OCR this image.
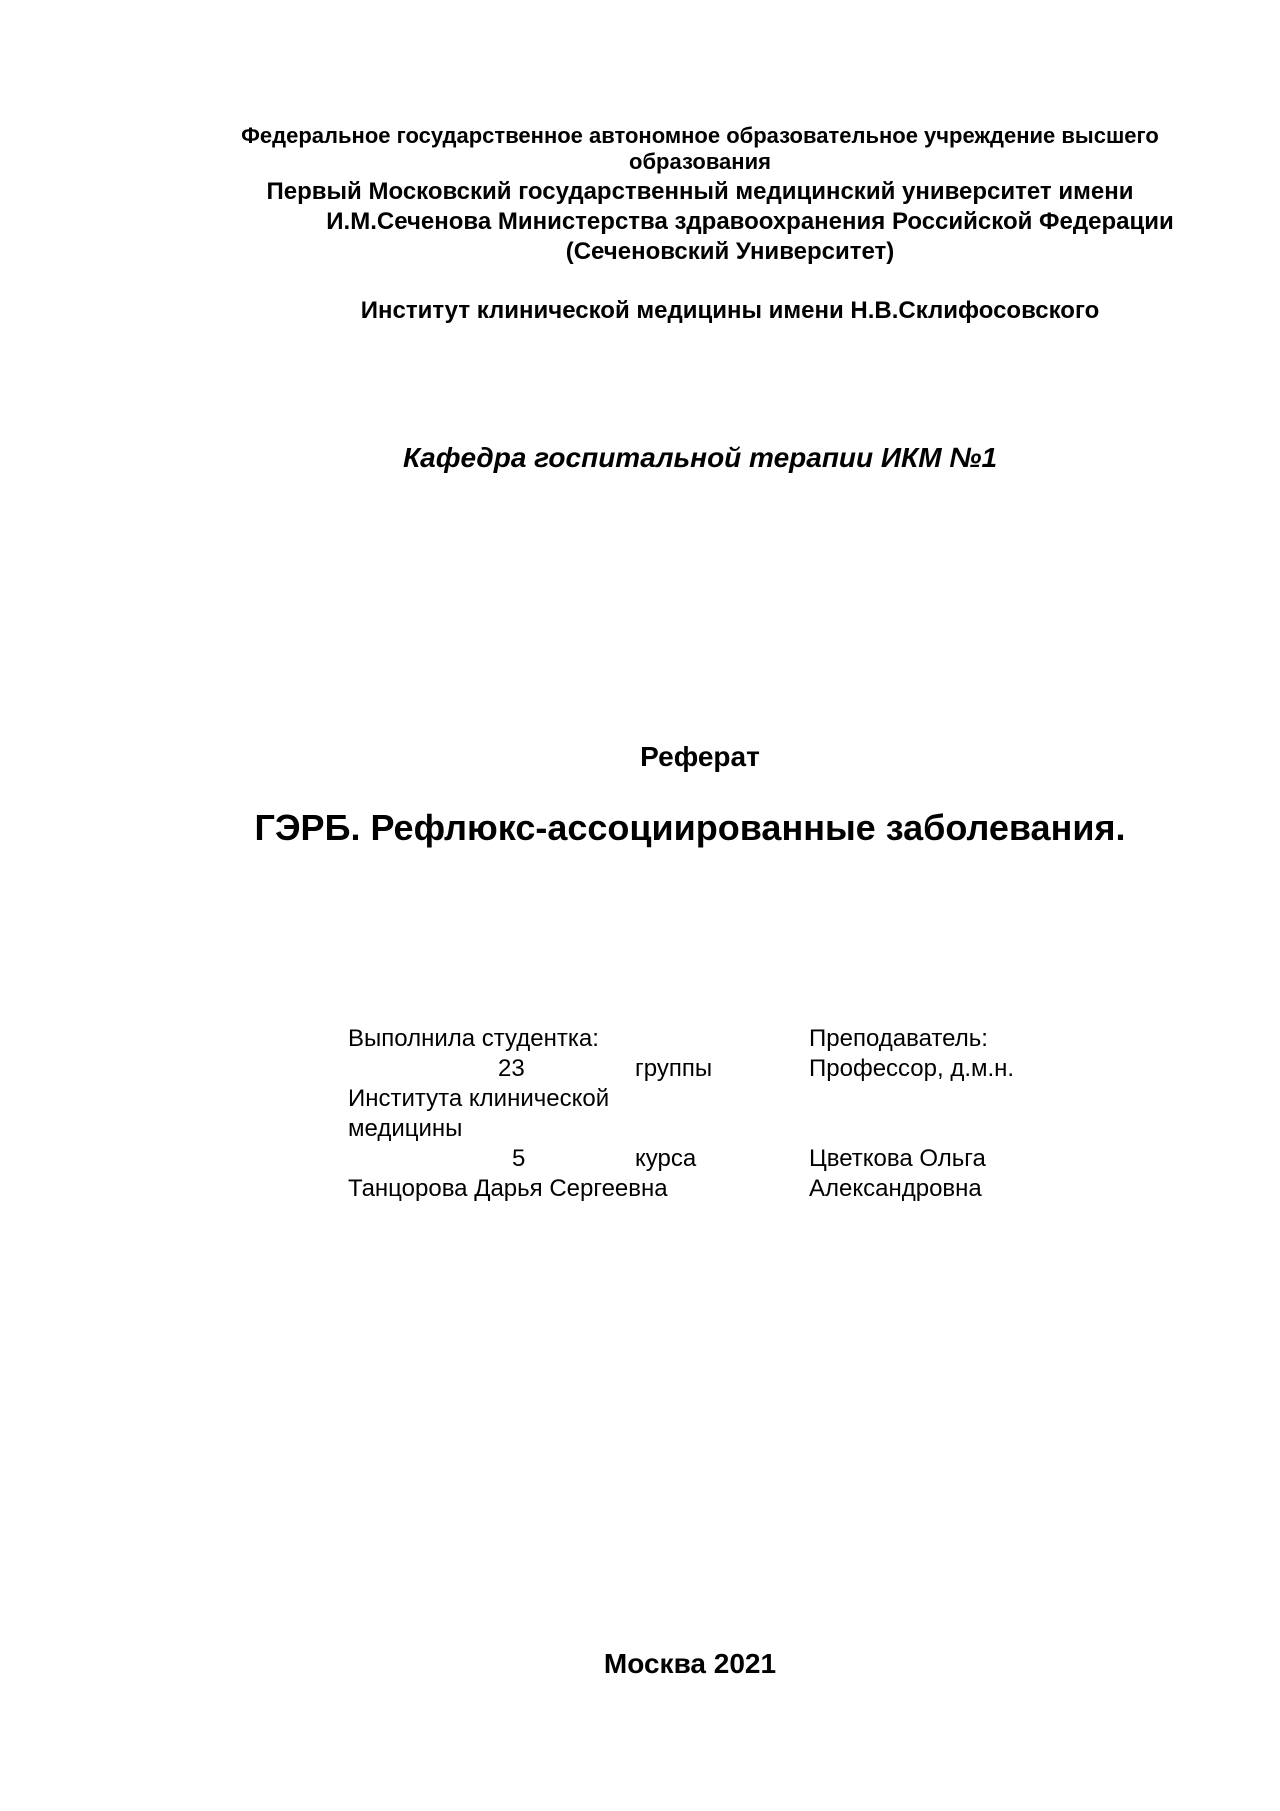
Федеральное государственное автономное образовательное учреждение высшего
образования
Первый Московский государственный медицинский университет имени
И.М.Сеченова Министерства здравоохранения Российской Федерации
(Сеченовский Университет)
Институт клинической медицины имени Н.В.Склифосовского
Кафедра госпитальной терапии ИКМ №1
Реферат
ГЭРБ. Рефлюкс-ассоциированные заболевания.
Выполнила студентка:
23	группы
Института клинической
медицины
5	курса
Танцорова Дарья Сергеевна
Преподаватель:
Профессор, д.м.н.
Цветкова Ольга
Александровна
Москва 2021
